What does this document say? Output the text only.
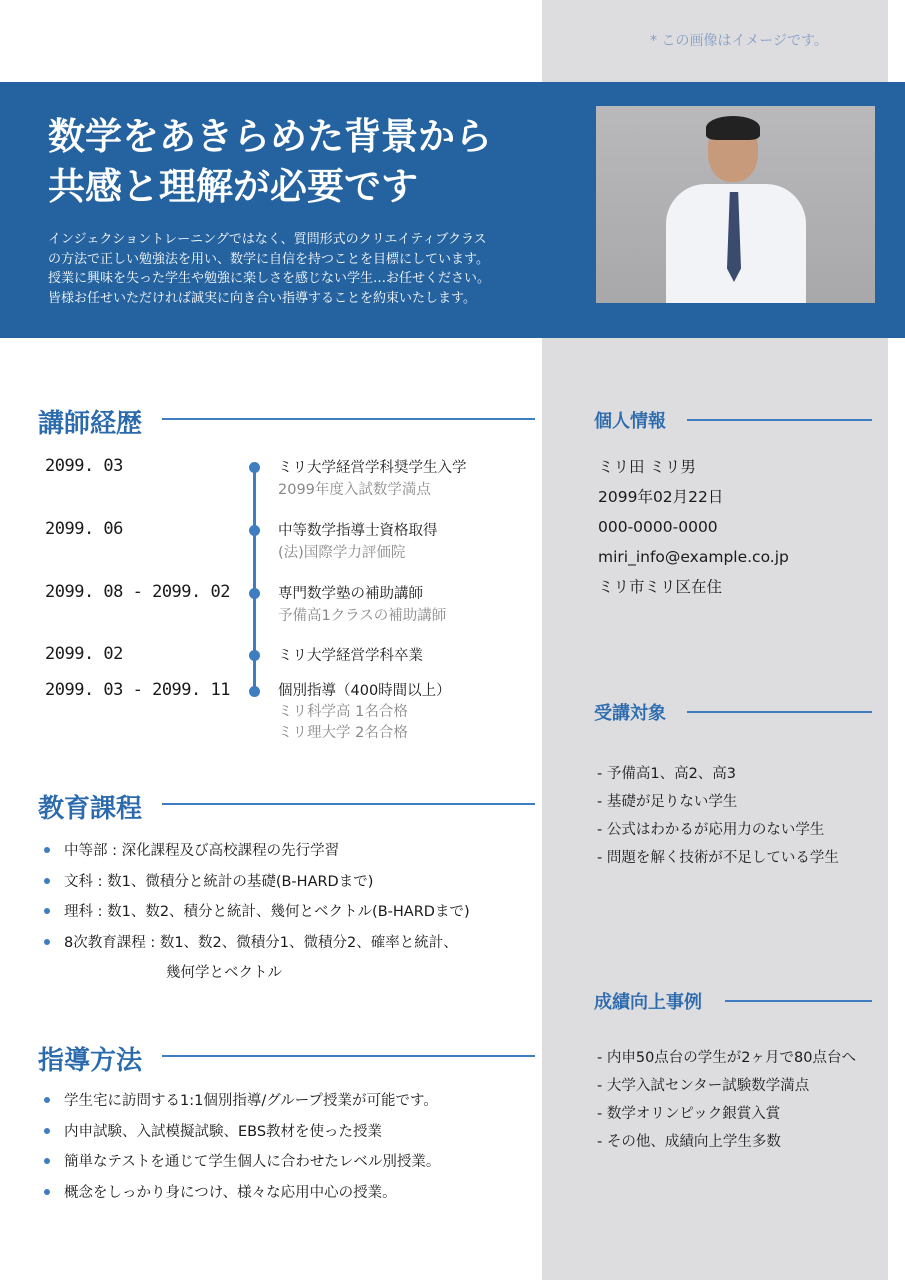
* この画像はイメージです。
数学をあきらめた背景から
共感と理解が必要です
インジェクショントレーニングではなく、質問形式のクリエイティブクラス
の方法で正しい勉強法を用い、数学に自信を持つことを目標にしています。
授業に興味を失った学生や勉強に楽しさを感じない学生…お任せください。
皆様お任せいただければ誠実に向き合い指導することを約束いたします。
講師経歴
2099. 03	ミリ大学経営学科奨学生入学
2099年度入試数学満点
2099. 06	中等数学指導士資格取得
(法)国際学力評価院
2099. 08 - 2099. 02	専門数学塾の補助講師
予備高1クラスの補助講師
2099. 02	ミリ大学経営学科卒業
2099. 03 - 2099. 11	個別指導（400時間以上）
ミリ科学高 1名合格
ミリ理大学 2名合格
教育課程
中等部 : 深化課程及び高校課程の先行学習
文科 : 数1、微積分と統計の基礎(B-HARDまで)
理科 : 数1、数2、積分と統計、幾何とベクトル(B-HARDまで)
8次教育課程 : 数1、数2、微積分1、微積分2、確率と統計、
幾何学とベクトル
指導方法
学生宅に訪問する1:1個別指導/グループ授業が可能です。
内申試験、入試模擬試験、EBS教材を使った授業
簡単なテストを通じて学生個人に合わせたレベル別授業。
概念をしっかり身につけ、様々な応用中心の授業。
個人情報
ミリ田 ミリ男
2099年02月22日
000-0000-0000
miri_info@example.co.jp
ミリ市ミリ区在住
受講対象
- 予備高1、高2、高3
- 基礎が足りない学生
- 公式はわかるが応用力のない学生
- 問題を解く技術が不足している学生
成績向上事例
- 内申50点台の学生が2ヶ月で80点台へ
- 大学入試センター試験数学満点
- 数学オリンピック銀賞入賞
- その他、成績向上学生多数
